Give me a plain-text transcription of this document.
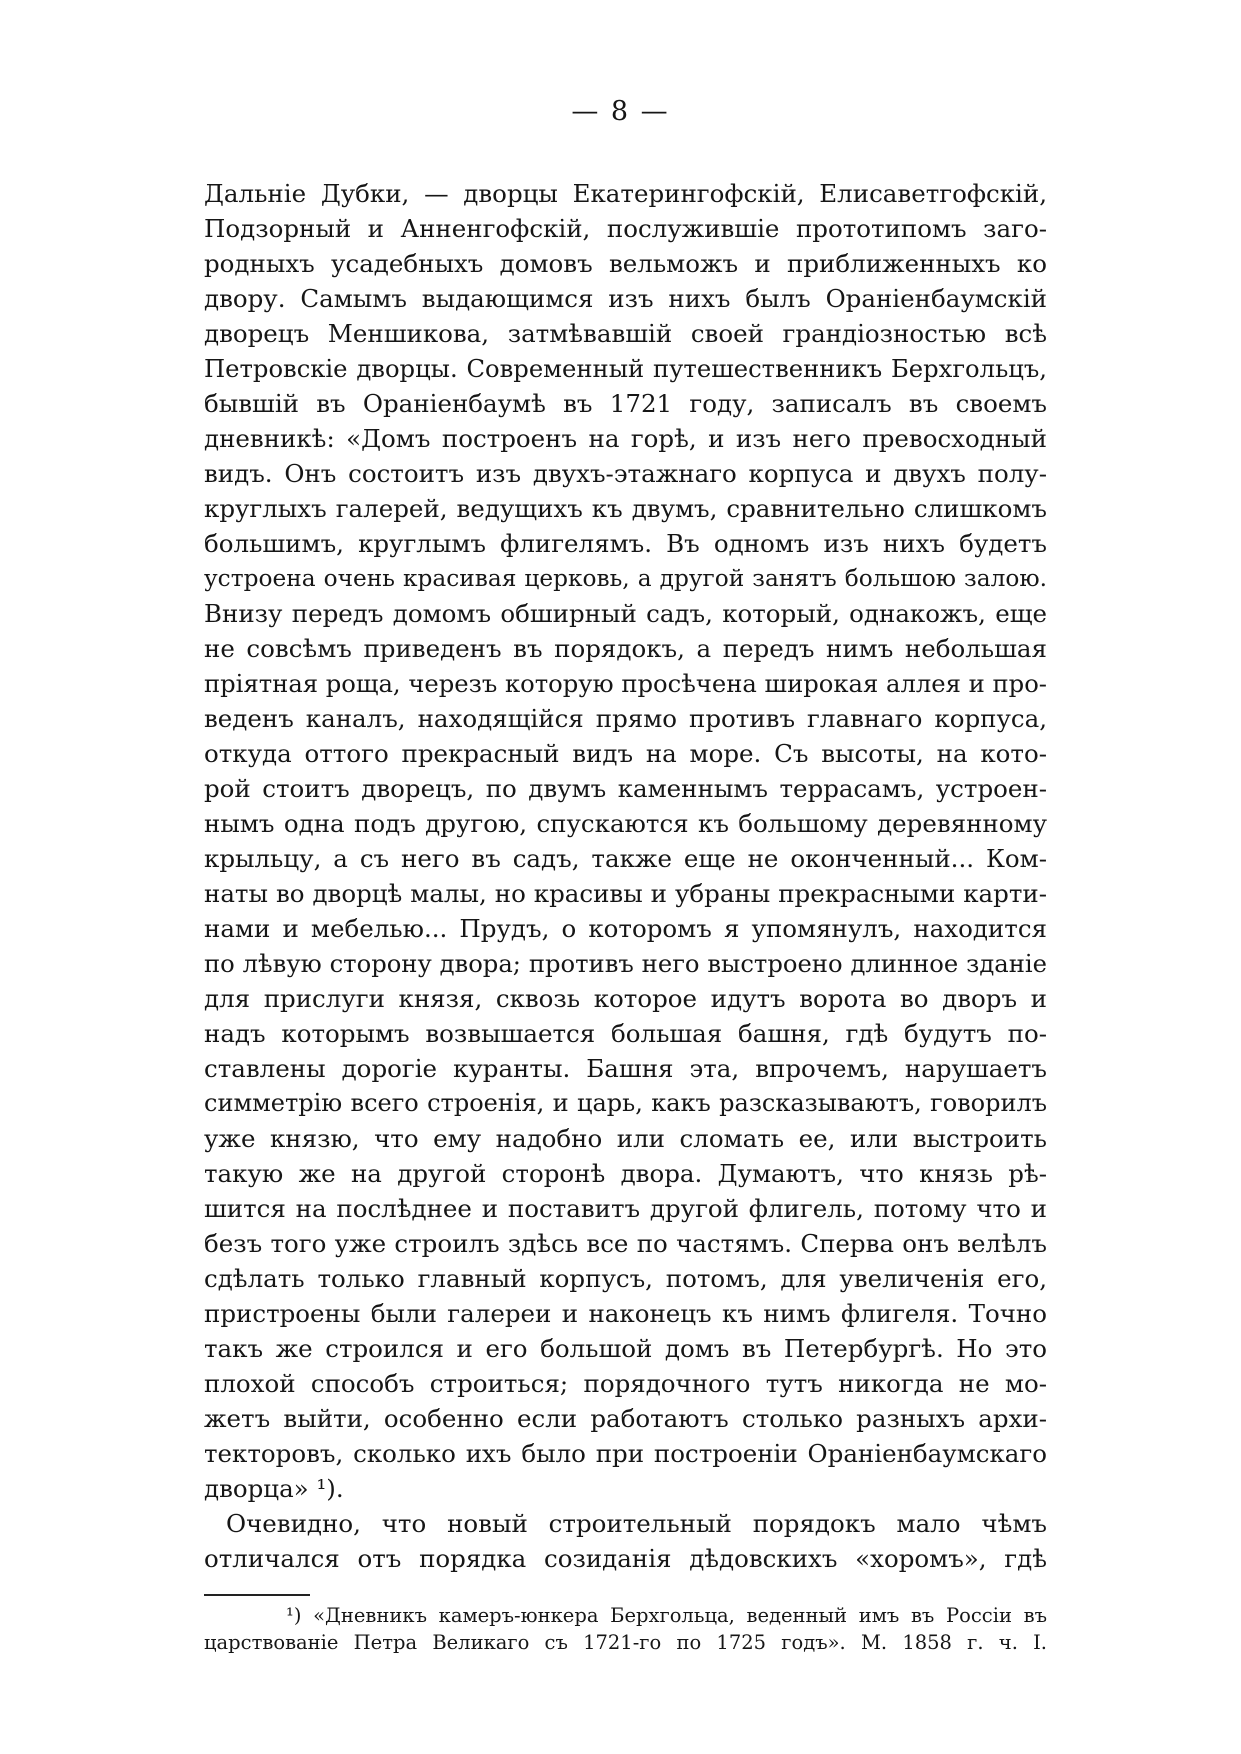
— 8 —
Дальніе Дубки, — дворцы Екатерингофскій, Елисаветгофскій,
Подзорный и Анненгофскій, послужившіе прототипомъ заго-
родныхъ усадебныхъ домовъ вельможъ и приближенныхъ ко
двору. Самымъ выдающимся изъ нихъ былъ Ораніенбаумскій
дворецъ Меншикова, затмѣвавшій своей грандіозностью всѣ
Петровскіе дворцы. Современный путешественникъ Берхгольцъ,
бывшій въ Ораніенбаумѣ въ 1721 году, записалъ въ своемъ
дневникѣ: «Домъ построенъ на горѣ, и изъ него превосходный
видъ. Онъ состоитъ изъ двухъ-этажнаго корпуса и двухъ полу-
круглыхъ галерей, ведущихъ къ двумъ, сравнительно слишкомъ
большимъ, круглымъ флигелямъ. Въ одномъ изъ нихъ будетъ
устроена очень красивая церковь, а другой занятъ большою залою.
Внизу передъ домомъ обширный садъ, который, однакожъ, еще
не совсѣмъ приведенъ въ порядокъ, а передъ нимъ небольшая
пріятная роща, черезъ которую просѣчена широкая аллея и про-
веденъ каналъ, находящійся прямо противъ главнаго корпуса,
откуда оттого прекрасный видъ на море. Съ высоты, на кото-
рой стоитъ дворецъ, по двумъ каменнымъ террасамъ, устроен-
нымъ одна подъ другою, спускаются къ большому деревянному
крыльцу, а съ него въ садъ, также еще не оконченный... Ком-
наты во дворцѣ малы, но красивы и убраны прекрасными карти-
нами и мебелью... Прудъ, о которомъ я упомянулъ, находится
по лѣвую сторону двора; противъ него выстроено длинное зданіе
для прислуги князя, сквозь которое идутъ ворота во дворъ и
надъ которымъ возвышается большая башня, гдѣ будутъ по-
ставлены дорогіе куранты. Башня эта, впрочемъ, нарушаетъ
симметрію всего строенія, и царь, какъ разсказываютъ, говорилъ
уже князю, что ему надобно или сломать ее, или выстроить
такую же на другой сторонѣ двора. Думаютъ, что князь рѣ-
шится на послѣднее и поставитъ другой флигель, потому что и
безъ того уже строилъ здѣсь все по частямъ. Сперва онъ велѣлъ
сдѣлать только главный корпусъ, потомъ, для увеличенія его,
пристроены были галереи и наконецъ къ нимъ флигеля. Точно
такъ же строился и его большой домъ въ Петербургѣ. Но это
плохой способъ строиться; порядочного тутъ никогда не мо-
жетъ выйти, особенно если работаютъ столько разныхъ архи-
текторовъ, сколько ихъ было при построеніи Ораніенбаумскаго
дворца» ¹).
Очевидно, что новый строительный порядокъ мало чѣмъ
отличался отъ порядка созиданія дѣдовскихъ «хоромъ», гдѣ
¹) «Дневникъ камеръ-юнкера Берхгольца, веденный имъ въ Россіи въ
царствованіе Петра Великаго съ 1721-го по 1725 годъ». М. 1858 г. ч. I.
